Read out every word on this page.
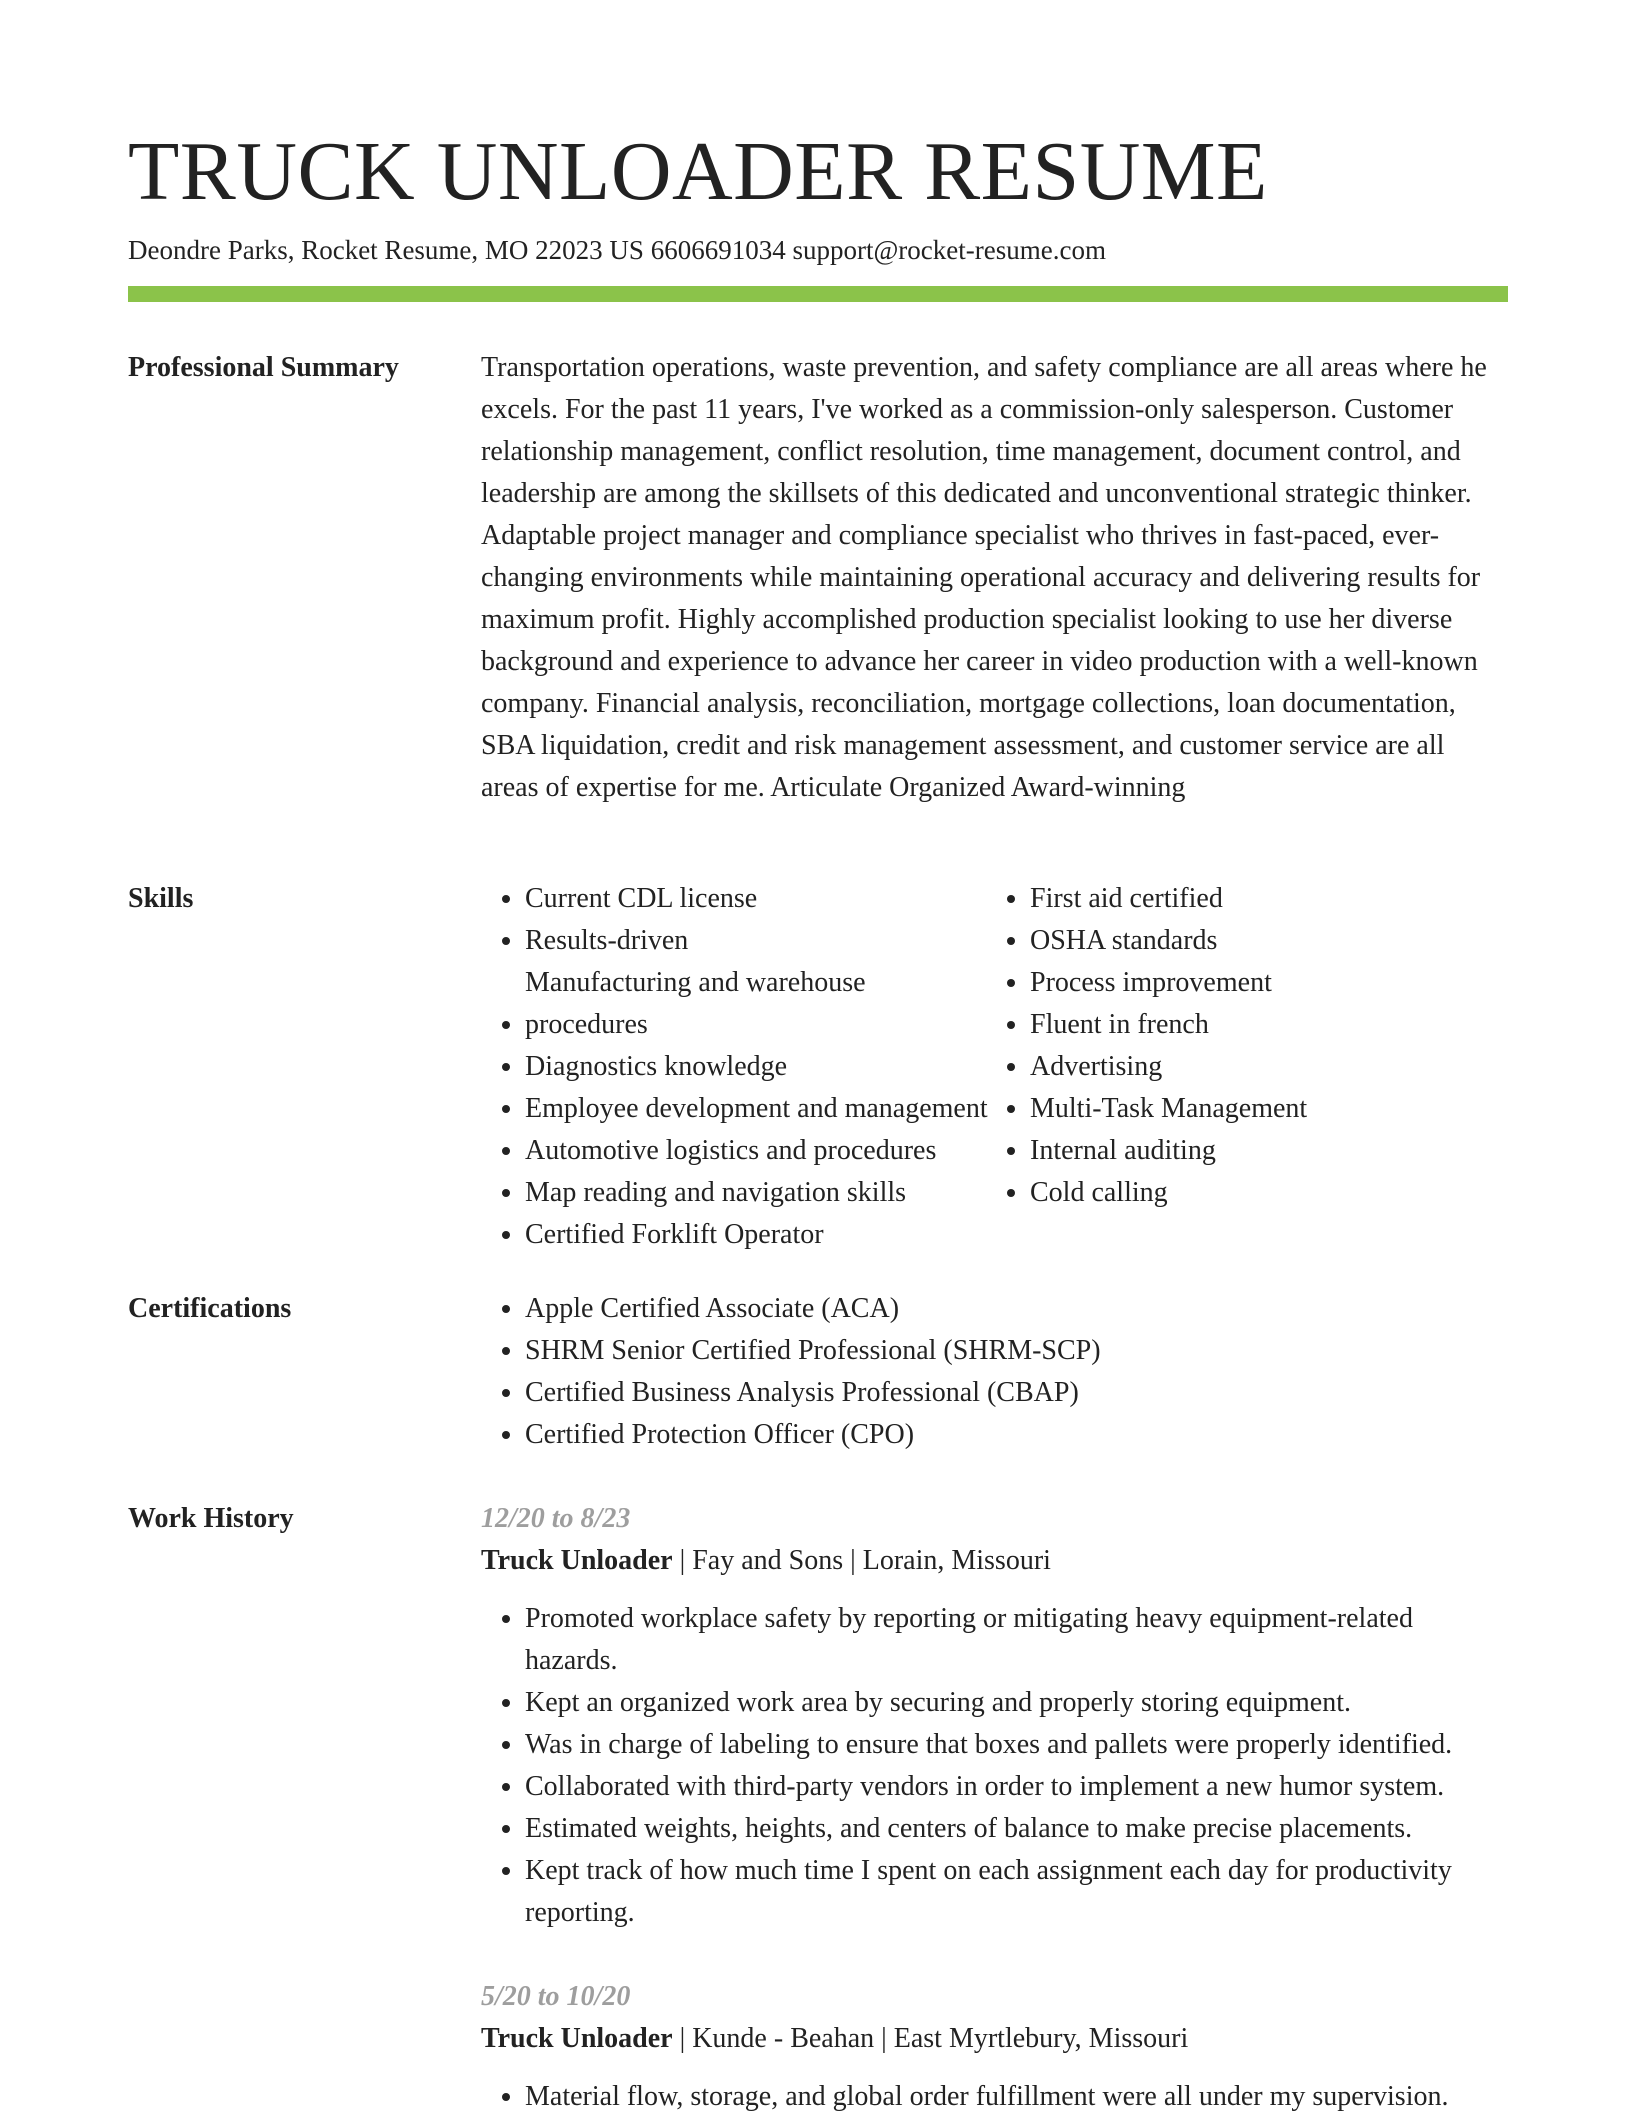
TRUCK UNLOADER RESUME
Deondre Parks, Rocket Resume, MO 22023 US 6606691034 support@rocket-resume.com
Professional Summary	Transportation operations, waste prevention, and safety compliance are all areas where he excels. For the past 11 years, I've worked as a commission-only salesperson. Customer relationship management, conflict resolution, time management, document control, and leadership are among the skillsets of this dedicated and unconventional strategic thinker. Adaptable project manager and compliance specialist who thrives in fast-paced, ever-changing environments while maintaining operational accuracy and delivering results for maximum profit. Highly accomplished production specialist looking to use her diverse background and experience to advance her career in video production with a well-known company. Financial analysis, reconciliation, mortgage collections, loan documentation, SBA liquidation, credit and risk management assessment, and customer service are all areas of expertise for me. Articulate Organized Award-winning

Skills	• Current CDL license
• Results-driven
• Manufacturing and warehouse procedures
• Diagnostics knowledge
• Employee development and management
• Automotive logistics and procedures
• Map reading and navigation skills
• Certified Forklift Operator
• First aid certified
• OSHA standards
• Process improvement
• Fluent in french
• Advertising
• Multi-Task Management
• Internal auditing
• Cold calling
Certifications	• Apple Certified Associate (ACA)
• SHRM Senior Certified Professional (SHRM-SCP)
• Certified Business Analysis Professional (CBAP)
• Certified Protection Officer (CPO)
Work History	12/20 to 8/23
Truck Unloader | Fay and Sons | Lorain, Missouri
• Promoted workplace safety by reporting or mitigating heavy equipment-related hazards.
• Kept an organized work area by securing and properly storing equipment.
• Was in charge of labeling to ensure that boxes and pallets were properly identified.
• Collaborated with third-party vendors in order to implement a new humor system.
• Estimated weights, heights, and centers of balance to make precise placements.
• Kept track of how much time I spent on each assignment each day for productivity reporting.
5/20 to 10/20
Truck Unloader | Kunde - Beahan | East Myrtlebury, Missouri
• Material flow, storage, and global order fulfillment were all under my supervision.
